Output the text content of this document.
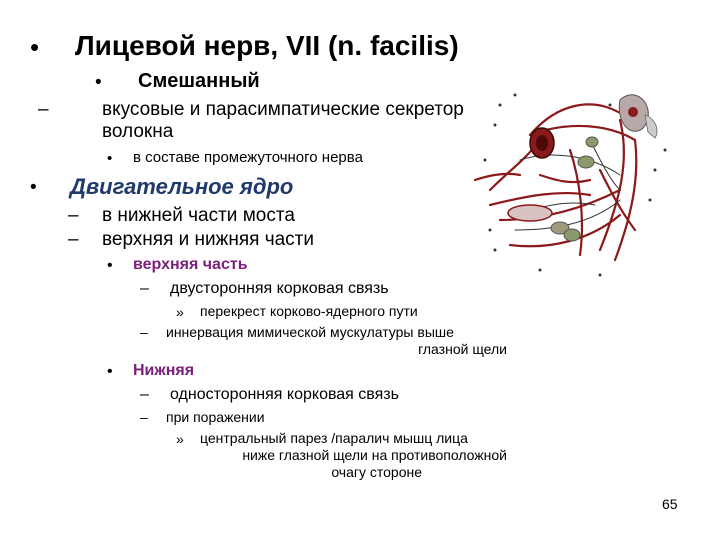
• Лицевой нерв, VII (n. facilis)
• Смешанный
–	вкусовые и парасимпатические секретор
волокна
• в составе промежуточного нерва
• Двигательное ядро
– в нижней части моста
– верхняя и нижняя части
• верхняя часть
– двусторонняя корковая связь
» перекрест корково-ядерного пути
– иннервация мимической мускулатуры выше
глазной щели
• Нижняя
– односторонняя корковая связь
– при поражении
» центральный парез /паралич мышц лица
ниже глазной щели на противоположной
очагу стороне
65
